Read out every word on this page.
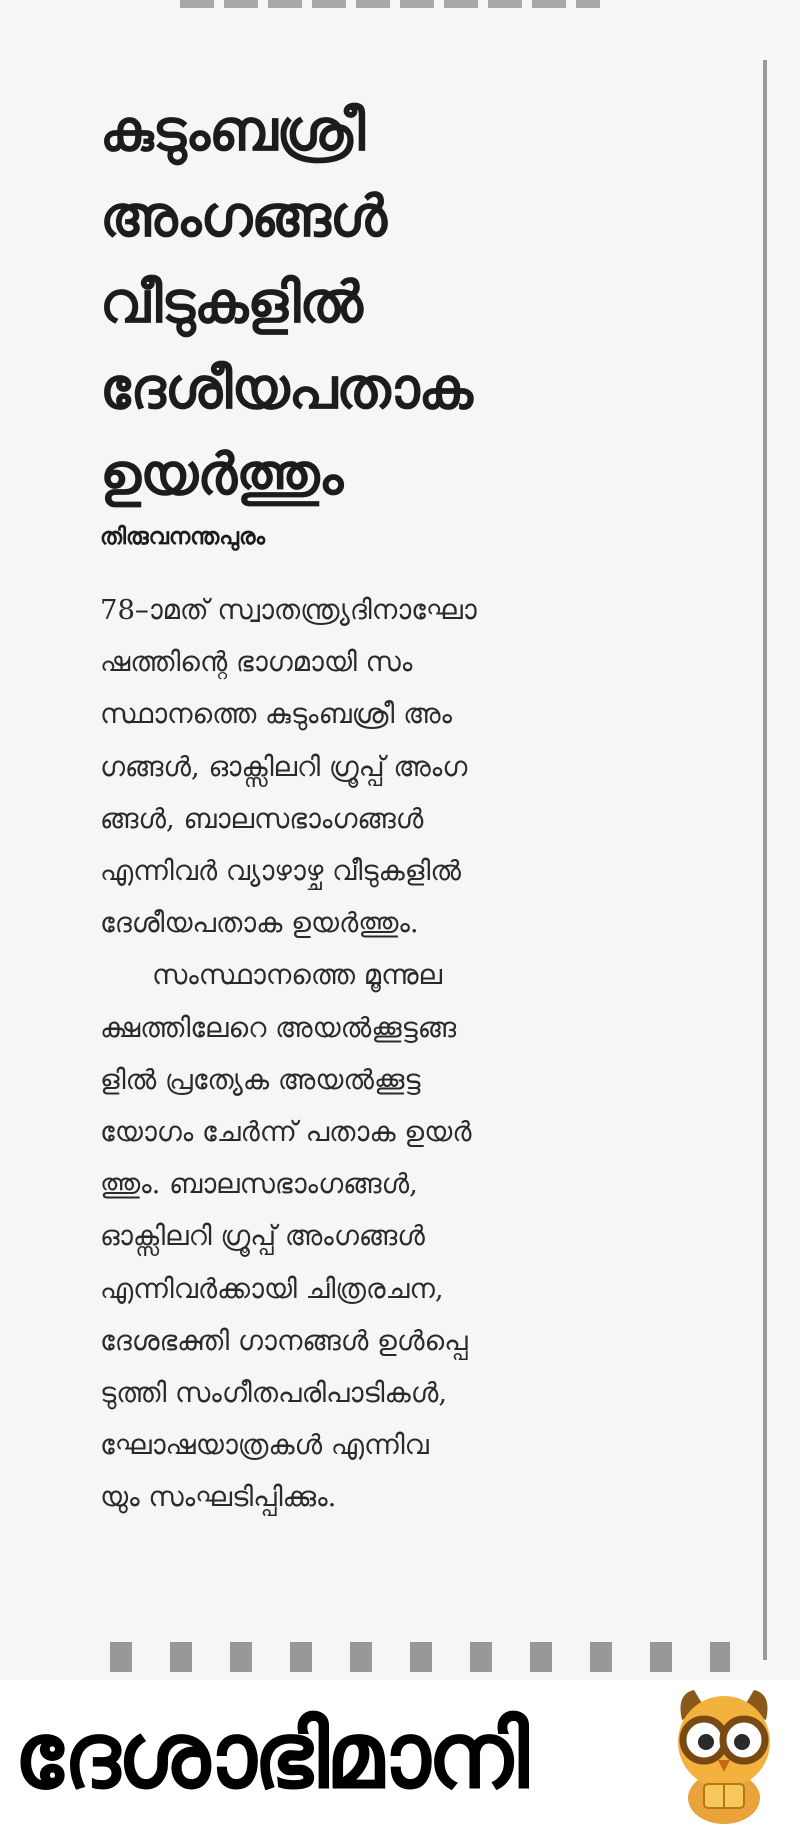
കുടുംബശ്രീ
അംഗങ്ങൾ
വീടുകളിൽ
ദേശീയപതാക
ഉയർത്തും

തിരുവനന്തപുരം

78–ാമത് സ്വാതന്ത്ര്യദിനാഘോ
ഷത്തിന്റെ ഭാഗമായി സം
സ്ഥാനത്തെ കുടുംബശ്രീ അം
ഗങ്ങൾ, ഓക്സിലറി ഗ്രൂപ്പ് അംഗ
ങ്ങൾ, ബാലസഭാംഗങ്ങൾ
എന്നിവർ വ്യാഴാഴ്ച വീടുകളിൽ
ദേശീയപതാക ഉയർത്തും.
സംസ്ഥാനത്തെ മൂന്നുല
ക്ഷത്തിലേറെ അയൽക്കൂട്ടങ്ങ
ളിൽ പ്രത്യേക അയൽക്കൂട്ട
യോഗം ചേർന്ന് പതാക ഉയർ
ത്തും. ബാലസഭാംഗങ്ങൾ,
ഓക്സിലറി ഗ്രൂപ്പ് അംഗങ്ങൾ
എന്നിവർക്കായി ചിത്രരചന,
ദേശഭക്തി ഗാനങ്ങൾ ഉൾപ്പെ
ടുത്തി സംഗീതപരിപാടികൾ,
ഘോഷയാത്രകൾ എന്നിവ
യും സംഘടിപ്പിക്കും.

ദേശാഭിമാനി
